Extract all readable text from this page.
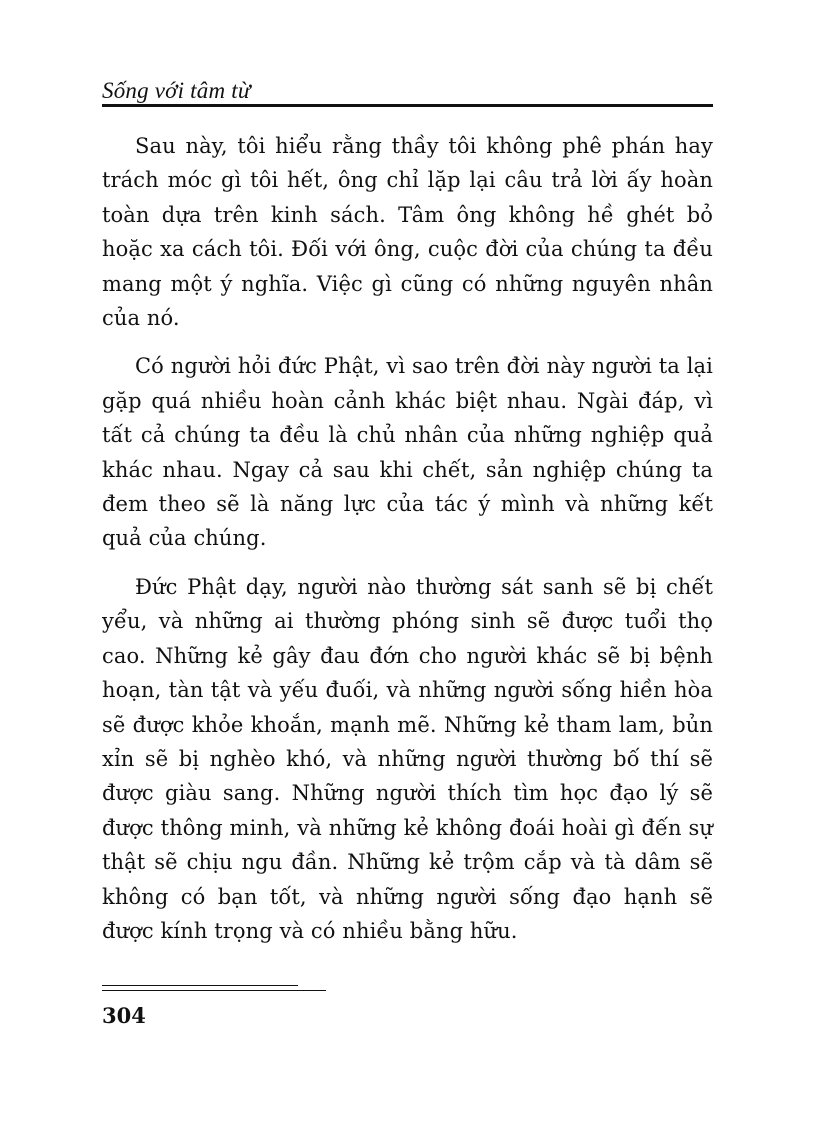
Sống với tâm từ

Sau này, tôi hiểu rằng thầy tôi không phê phán hay trách móc gì tôi hết, ông chỉ lặp lại câu trả lời ấy hoàn toàn dựa trên kinh sách. Tâm ông không hề ghét bỏ hoặc xa cách tôi. Đối với ông, cuộc đời của chúng ta đều mang một ý nghĩa. Việc gì cũng có những nguyên nhân của nó.

Có người hỏi đức Phật, vì sao trên đời này người ta lại gặp quá nhiều hoàn cảnh khác biệt nhau. Ngài đáp, vì tất cả chúng ta đều là chủ nhân của những nghiệp quả khác nhau. Ngay cả sau khi chết, sản nghiệp chúng ta đem theo sẽ là năng lực của tác ý mình và những kết quả của chúng.

Đức Phật dạy, người nào thường sát sanh sẽ bị chết yểu, và những ai thường phóng sinh sẽ được tuổi thọ cao. Những kẻ gây đau đớn cho người khác sẽ bị bệnh hoạn, tàn tật và yếu đuối, và những người sống hiền hòa sẽ được khỏe khoắn, mạnh mẽ. Những kẻ tham lam, bủn xỉn sẽ bị nghèo khó, và những người thường bố thí sẽ được giàu sang. Những người thích tìm học đạo lý sẽ được thông minh, và những kẻ không đoái hoài gì đến sự thật sẽ chịu ngu đần. Những kẻ trộm cắp và tà dâm sẽ không có bạn tốt, và những người sống đạo hạnh sẽ được kính trọng và có nhiều bằng hữu.

304
